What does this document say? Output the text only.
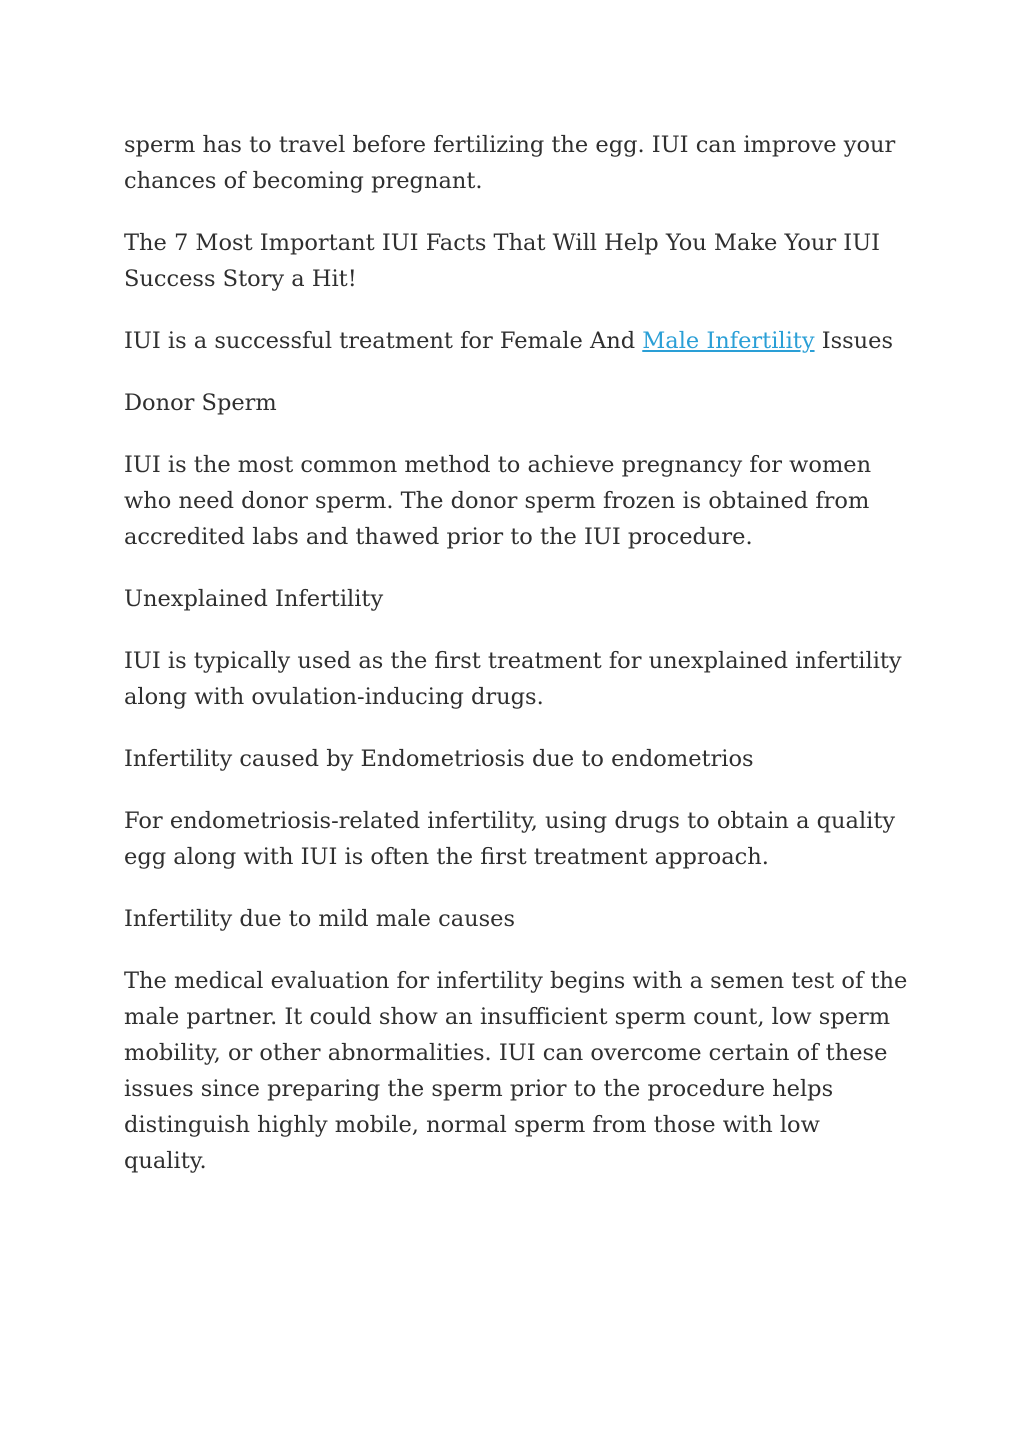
sperm has to travel before fertilizing the egg. IUI can improve your
chances of becoming pregnant.

The 7 Most Important IUI Facts That Will Help You Make Your IUI
Success Story a Hit!

IUI is a successful treatment for Female And Male Infertility Issues

Donor Sperm

IUI is the most common method to achieve pregnancy for women
who need donor sperm. The donor sperm frozen is obtained from
accredited labs and thawed prior to the IUI procedure.

Unexplained Infertility

IUI is typically used as the first treatment for unexplained infertility
along with ovulation-inducing drugs.

Infertility caused by Endometriosis due to endometrios

For endometriosis-related infertility, using drugs to obtain a quality
egg along with IUI is often the first treatment approach.

Infertility due to mild male causes

The medical evaluation for infertility begins with a semen test of the
male partner. It could show an insufficient sperm count, low sperm
mobility, or other abnormalities. IUI can overcome certain of these
issues since preparing the sperm prior to the procedure helps
distinguish highly mobile, normal sperm from those with low
quality.
